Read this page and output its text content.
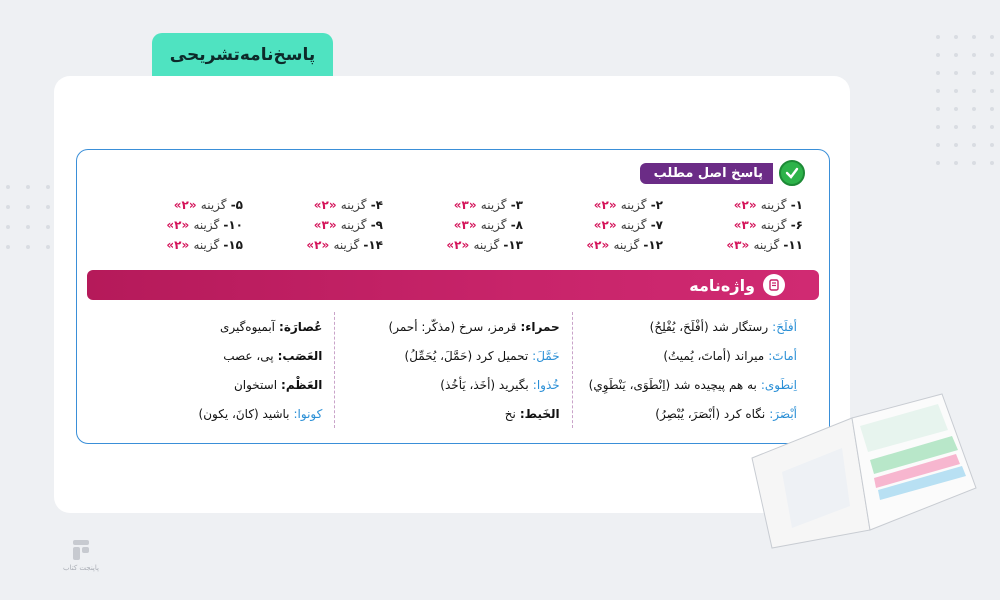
پاسخ‌نامه‌تشریحی
پاسخ اصل مطلب
۱- گزینه «۲»
۲- گزینه «۲»
۳- گزینه «۳»
۴- گزینه «۲»
۵- گزینه «۲»
۶- گزینه «۳»
۷- گزینه «۲»
۸- گزینه «۳»
۹- گزینه «۳»
۱۰- گزینه «۲»
۱۱- گزینه «۳»
۱۲- گزینه «۲»
۱۳- گزینه «۲»
۱۴- گزینه «۲»
۱۵- گزینه «۲»
واژه‌نامه
أفلَحَ:
رستگار شد (أفْلَحَ، يُفْلِحُ)
أماتَ:
میراند (أماتَ، يُميتُ)
اِنطَوى:
به هم پیچیده شد (اِنْطَوَى، يَنْطَوِي)
أبْصَرَ:
نگاه کرد (أبْصَرَ، يُبْصِرُ)
حمراء:
قرمز، سرخ (مذکّر: أحمر)
حَمَّلَ:
تحمیل کرد (حَمَّلَ، يُحَمِّلُ)
خُذوا:
بگیرید (أخَذ، يَأخُذ)
الخَيط:
نخ
عُصارَة:
آبمیوه‌گیری
العَصَب:
پی، عصب
العَظْم:
استخوان
كونوا:
باشید (كانَ، يكون)
پاپنجت کتاب
